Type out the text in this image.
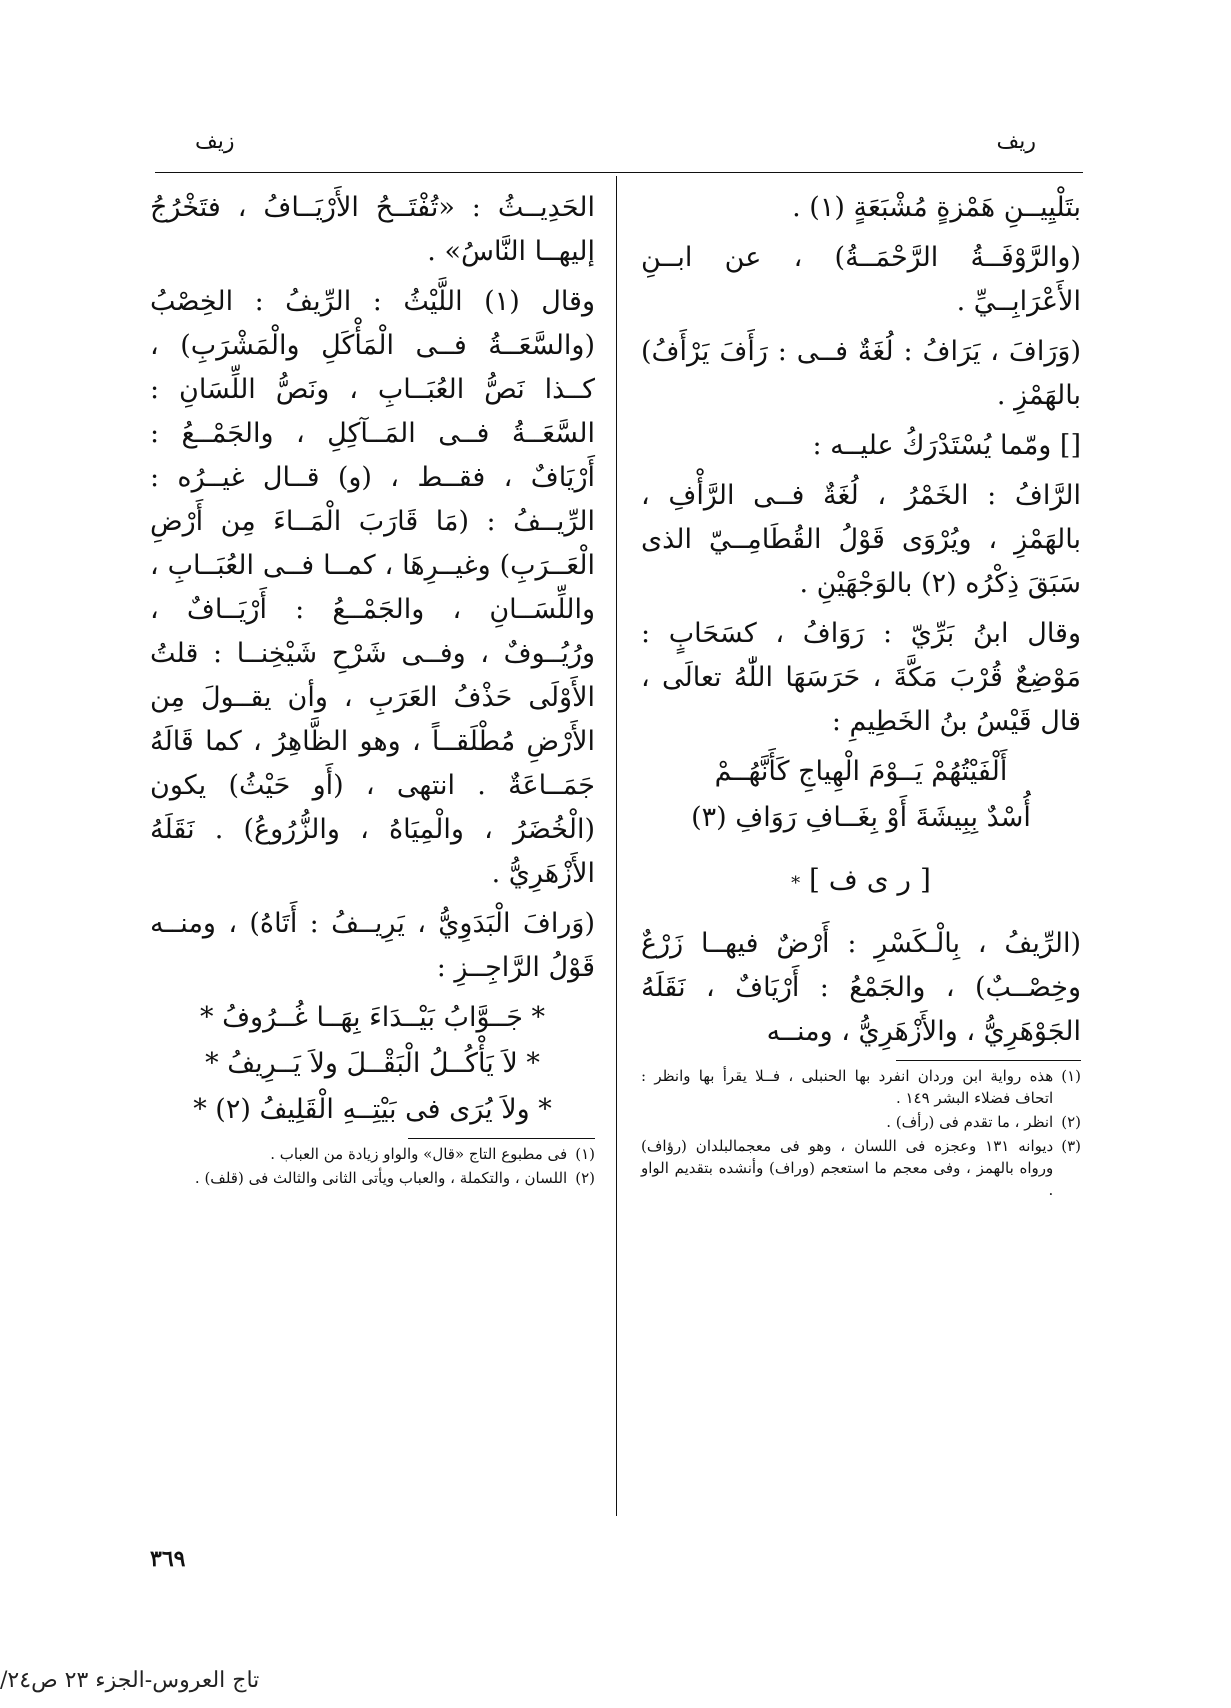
ريف
زيف

بتَلْيِيــنِ هَمْزةٍ مُشْبَعَةٍ (١) .

(والرَّوْفَــةُ الرَّحْمَــةُ) ، عن ابــنِ الأَعْرَابِــيِّ .

(وَرَافَ ، يَرَافُ : لُغَةٌ فــى : رَأَفَ يَرْأَفُ) بالهَمْزِ .

[] ومّما يُسْتَدْرَكُ عليــه :

الرَّافُ : الخَمْرُ ، لُغَةٌ فــى الرَّأْفِ ، بالهَمْزِ ، ويُرْوَى قَوْلُ القُطَامِــيّ الذى سَبَقَ ذِكْرُه (٢) بالوَجْهَيْنِ .

وقال ابنُ بَرِّيّ : رَوَافُ ، كسَحَابٍ : مَوْضِعٌ قُرْبَ مَكَّةَ ، حَرَسَهَا اللّٰهُ تعالَى ، قال قَيْسُ بنُ الخَطِيمِ :

أَلْفَيْتُهُمْ يَــوْمَ الْهِياجِ كَأَنَّهُــمْ
أُسْدٌ بِبِيشَةَ أَوْ بِغَــافِ رَوَافِ (٣)
[ ر ى ف ] *

(الرِّيفُ ، بِالْـكَسْرِ : أَرْضٌ فيهــا زَرْعٌ وخِصْــبٌ) ، والجَمْعُ : أَرْيَافٌ ، نَقَلَهُ الجَوْهَرِيُّ ، والأَزْهَرِيُّ ، ومنــه

(١)
هذه رواية ابن وردان انفرد بها الحنبلى ، فــلا يقرأ بها وانظر : اتحاف فضلاء البشر ١٤٩ .
(٢)
انظر ، ما تقدم فى (رأف) .
(٣)
ديوانه ١٣١ وعجزه فى اللسان ، وهو فى معجمالبلدان (رؤاف) ورواه بالهمز ، وفى معجم ما استعجم (وراف) وأنشده بتقديم الواو .

الحَدِيــثُ : «تُفْتَــحُ الأَرْيَــافُ ، فتَخْرُجُ إليهــا النَّاسُ» .

وقال (١) اللَّيْثُ : الرِّيفُ : الخِصْبُ (والسَّعَــةُ فــى الْمَأْكَلِ والْمَشْرَبِ) ، كــذا نَصُّ العُبَــابِ ، ونَصُّ اللِّسَانِ : السَّعَــةُ فــى المَــآكِلِ ، والجَمْــعُ : أَرْيَافٌ ، فقــط ، (و) قــال غيــرُه : الرِّيــفُ : (مَا قَارَبَ الْمَــاءَ مِن أَرْضِ الْعَــرَبِ) وغيــرِهَا ، كمــا فــى العُبَــابِ ، واللِّسَــانِ ، والجَمْــعُ : أَرْيَــافٌ ، ورُيُــوفٌ ، وفــى شَرْحِ شَيْخِنــا : قلتُ الأَوْلَى حَذْفُ العَرَبِ ، وأن يقــولَ مِن الأَرْضِ مُطْلَقــاً ، وهو الظَّاهِرُ ، كما قَالَهُ جَمَــاعَةٌ . انتهى ، (أَو حَيْثُ) يكون (الْخُضَرُ ، والْمِيَاهُ ، والزُّرُوعُ) . نَقَلَهُ الأَزْهَرِيُّ .

(وَرافَ الْبَدَوِيُّ ، يَرِيــفُ : أَتَاهُ) ، ومنــه قَوْلُ الرَّاجِــزِ :

* جَــوَّابُ بَيْــدَاءَ بِهَــا غُــرُوفُ *
* لاَ يَأْكُــلُ الْبَقْــلَ ولاَ يَــرِيفُ *
* ولاَ يُرَى فى بَيْتِــهِ الْقَلِيفُ (٢) *
(١)
فى مطبوع التاج «قال» والواو زيادة من العباب .
(٢)
اللسان ، والتكملة ، والعباب ويأتى الثانى والثالث فى (قلف) .
٣٦٩
تاج العروس-الجزء ٢٣ ص٢٤/
